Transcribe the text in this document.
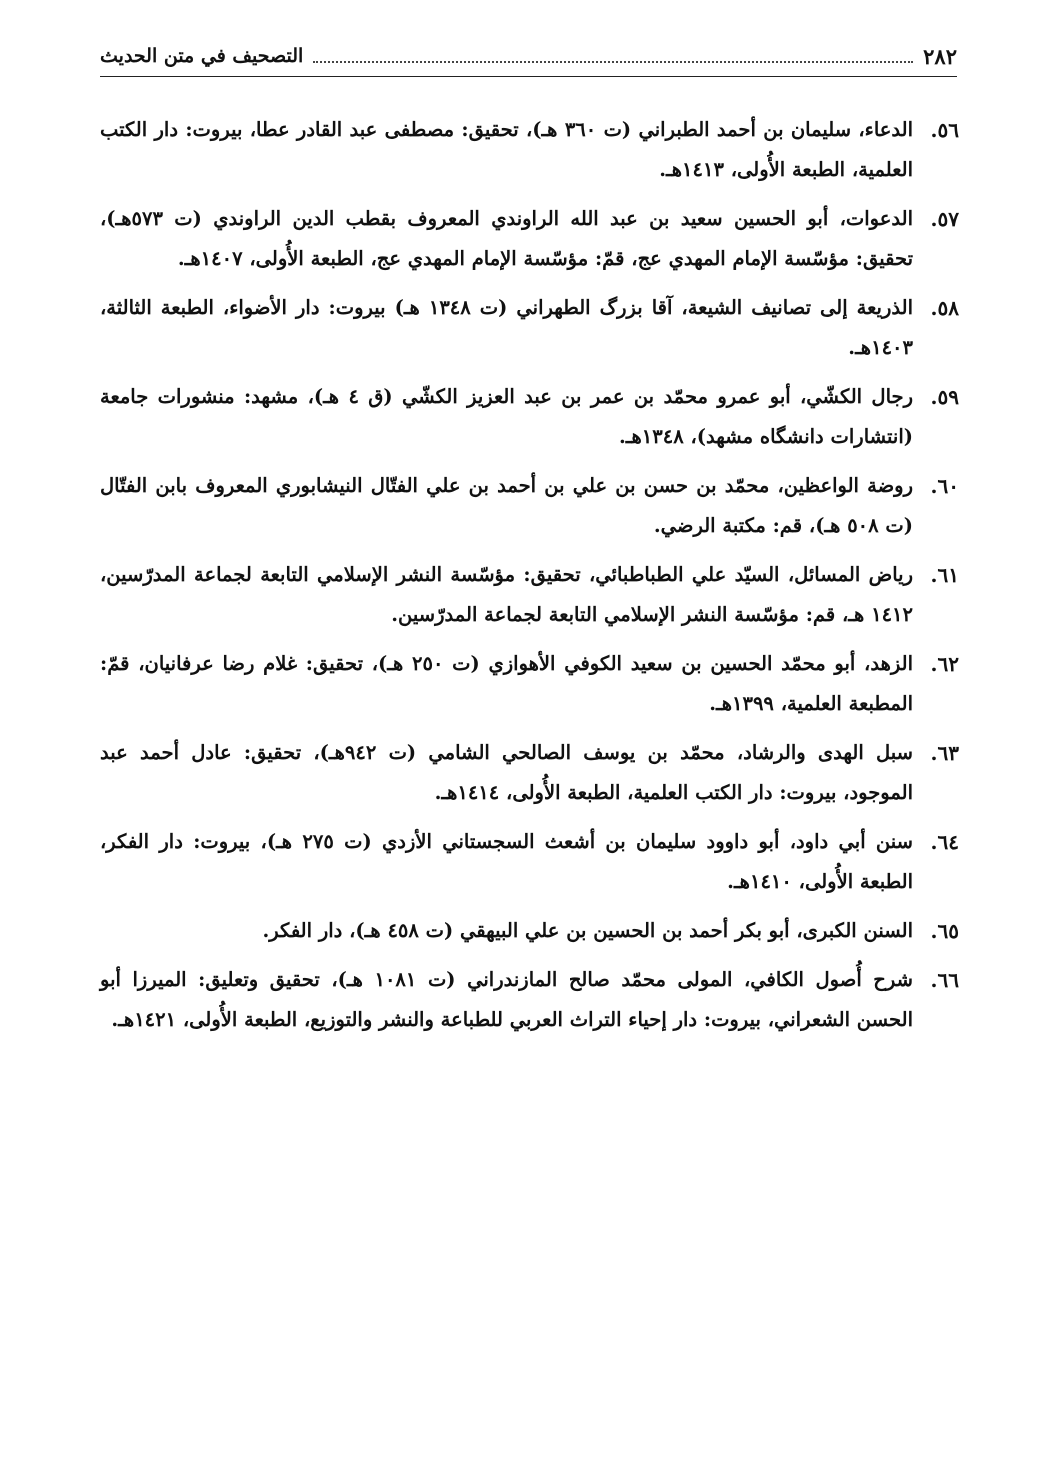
٢٨٢
التصحيف في متن الحديث
٥٦.
الدعاء، سليمان بن أحمد الطبراني (ت ٣٦٠ هـ)، تحقيق: مصطفى عبد القادر عطا، بيروت: دار الكتب العلمية، الطبعة الأُولى، ١٤١٣هـ.
٥٧.
الدعوات، أبو الحسين سعيد بن عبد الله الراوندي المعروف بقطب الدين الراوندي (ت ٥٧٣هـ)، تحقيق: مؤسّسة الإمام المهدي عج، قمّ: مؤسّسة الإمام المهدي عج، الطبعة الأُولى، ١٤٠٧هـ.
٥٨.
الذريعة إلى تصانيف الشيعة، آقا بزرگ الطهراني (ت ١٣٤٨ هـ) بيروت: دار الأضواء، الطبعة الثالثة، ١٤٠٣هـ.
٥٩.
رجال الكشّي، أبو عمرو محمّد بن عمر بن عبد العزيز الكشّي (ق ٤ هـ)، مشهد: منشورات جامعة (انتشارات دانشگاه مشهد)، ١٣٤٨هـ.
٦٠.
روضة الواعظين، محمّد بن حسن بن علي بن أحمد بن علي الفتّال النيشابوري المعروف بابن الفتّال (ت ٥٠٨ هـ)، قم: مكتبة الرضي.
٦١.
رياض المسائل، السيّد علي الطباطبائي، تحقيق: مؤسّسة النشر الإسلامي التابعة لجماعة المدرّسين، ١٤١٢ هـ، قم: مؤسّسة النشر الإسلامي التابعة لجماعة المدرّسين.
٦٢.
الزهد، أبو محمّد الحسين بن سعيد الكوفي الأهوازي (ت ٢٥٠ هـ)، تحقيق: غلام رضا عرفانيان، قمّ: المطبعة العلمية، ١٣٩٩هـ.
٦٣.
سبل الهدى والرشاد، محمّد بن يوسف الصالحي الشامي (ت ٩٤٢هـ)، تحقيق: عادل أحمد عبد الموجود، بيروت: دار الكتب العلمية، الطبعة الأُولى، ١٤١٤هـ.
٦٤.
سنن أبي داود، أبو داوود سليمان بن أشعث السجستاني الأزدي (ت ٢٧٥ هـ)، بيروت: دار الفكر، الطبعة الأُولى، ١٤١٠هـ.
٦٥.
السنن الكبرى، أبو بكر أحمد بن الحسين بن علي البيهقي (ت ٤٥٨ هـ)، دار الفكر.
٦٦.
شرح أُصول الكافي، المولى محمّد صالح المازندراني (ت ١٠٨١ هـ)، تحقيق وتعليق: الميرزا أبو الحسن الشعراني، بيروت: دار إحياء التراث العربي للطباعة والنشر والتوزيع، الطبعة الأُولى، ١٤٢١هـ.
